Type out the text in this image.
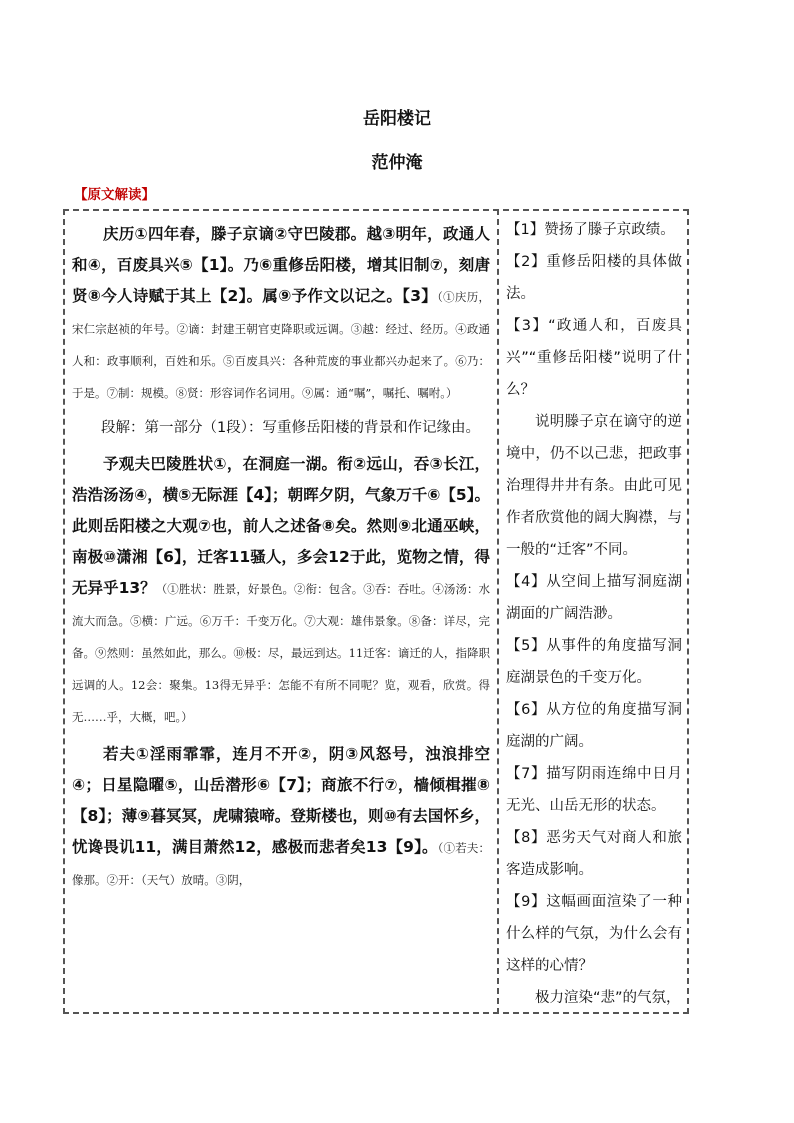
岳阳楼记
范仲淹
【原文解读】

庆历①四年春，滕子京谪②守巴陵郡。越③明年，政通人和④，百废具兴⑤【1】。乃⑥重修岳阳楼，增其旧制⑦，刻唐贤⑧今人诗赋于其上【2】。属⑨予作文以记之。【3】（①庆历，宋仁宗赵祯的年号。②谪：封建王朝官吏降职或远调。③越：经过、经历。④政通人和：政事顺利，百姓和乐。⑤百废具兴：各种荒废的事业都兴办起来了。⑥乃：于是。⑦制：规模。⑧贤：形容词作名词用。⑨属：通“嘱”，嘱托、嘱咐。）

段解：第一部分（1段）：写重修岳阳楼的背景和作记缘由。

予观夫巴陵胜状①，在洞庭一湖。衔②远山，吞③长江，浩浩汤汤④，横⑤无际涯【4】；朝晖夕阴，气象万千⑥【5】。此则岳阳楼之大观⑦也，前人之述备⑧矣。然则⑨北通巫峡，南极⑩潇湘【6】，迁客11骚人，多会12于此，览物之情，得无异乎13？（①胜状：胜景，好景色。②衔：包含。③吞：吞吐。④汤汤：水流大而急。⑤横：广远。⑥万千：千变万化。⑦大观：雄伟景象。⑧备：详尽，完备。⑨然则：虽然如此，那么。⑩极：尽，最远到达。11迁客：谪迁的人，指降职远调的人。12会：聚集。13得无异乎：怎能不有所不同呢？览，观看，欣赏。得无……乎，大概，吧。）

若夫①淫雨霏霏，连月不开②，阴③风怒号，浊浪排空④；日星隐曜⑤，山岳潜形⑥【7】；商旅不行⑦，樯倾楫摧⑧【8】；薄⑨暮冥冥，虎啸猿啼。登斯楼也，则⑩有去国怀乡，忧谗畏讥11，满目萧然12，感极而悲者矣13【9】。（①若夫：像那。②开：（天气）放晴。③阴，

【1】赞扬了滕子京政绩。

【2】重修岳阳楼的具体做法。

【3】“政通人和，百废具兴”“重修岳阳楼”说明了什么？

说明滕子京在谪守的逆境中，仍不以己悲，把政事治理得井井有条。由此可见作者欣赏他的阔大胸襟，与一般的“迁客”不同。

【4】从空间上描写洞庭湖湖面的广阔浩渺。

【5】从事件的角度描写洞庭湖景色的千变万化。

【6】从方位的角度描写洞庭湖的广阔。

【7】描写阴雨连绵中日月无光、山岳无形的状态。

【8】恶劣天气对商人和旅客造成影响。

【9】这幅画面渲染了一种什么样的气氛，为什么会有这样的心情？

极力渲染“悲”的气氛，
